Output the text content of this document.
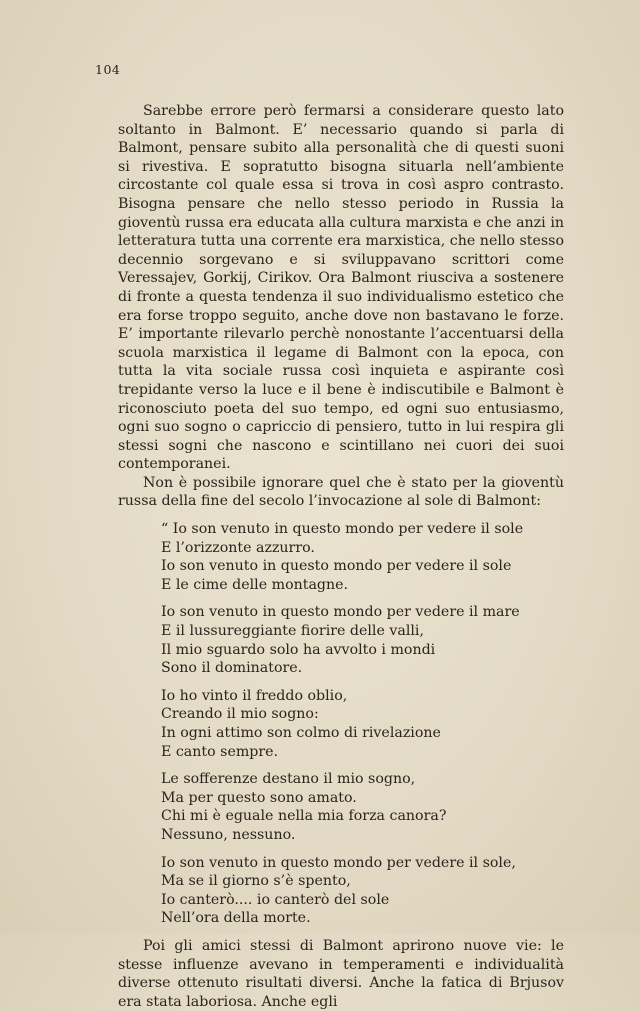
104

Sarebbe errore però fermarsi a considerare questo lato soltanto in Balmont. E’ necessario quando si parla di Balmont, pensare subito alla personalità che di questi suoni si rivestiva. E sopratutto bisogna situarla nell’ambiente circostante col quale essa si trova in così aspro contrasto. Bisogna pensare che nello stesso periodo in Russia la gioventù russa era educata alla cultura marxista e che anzi in letteratura tutta una corrente era marxistica, che nello stesso decennio sorgevano e si sviluppavano scrittori come Veressajev, Gorkij, Cirikov. Ora Balmont riusciva a sostenere di fronte a questa tendenza il suo individualismo estetico che era forse troppo seguito, anche dove non bastavano le forze. E’ importante rilevarlo perchè nonostante l’accentuarsi della scuola marxistica il legame di Balmont con la epoca, con tutta la vita sociale russa così inquieta e aspirante così trepidante verso la luce e il bene è indiscutibile e Balmont è riconosciuto poeta del suo tempo, ed ogni suo entusiasmo, ogni suo sogno o capriccio di pensiero, tutto in lui respira gli stessi sogni che nascono e scintillano nei cuori dei suoi contemporanei.

Non è possibile ignorare quel che è stato per la gioventù russa della fine del secolo l’invocazione al sole di Balmont:

“ Io son venuto in questo mondo per vedere il sole
E l’orizzonte azzurro.
Io son venuto in questo mondo per vedere il sole
E le cime delle montagne.
Io son venuto in questo mondo per vedere il mare
E il lussureggiante fiorire delle valli,
Il mio sguardo solo ha avvolto i mondi
Sono il dominatore.
Io ho vinto il freddo oblio,
Creando il mio sogno:
In ogni attimo son colmo di rivelazione
E canto sempre.
Le sofferenze destano il mio sogno,
Ma per questo sono amato.
Chi mi è eguale nella mia forza canora?
Nessuno, nessuno.
Io son venuto in questo mondo per vedere il sole,
Ma se il giorno s’è spento,
Io canterò.... io canterò del sole
Nell’ora della morte.

Poi gli amici stessi di Balmont aprirono nuove vie: le stesse influenze avevano in temperamenti e individualità diverse ottenuto risultati diversi. Anche la fatica di Brjusov era stata laboriosa. Anche egli
